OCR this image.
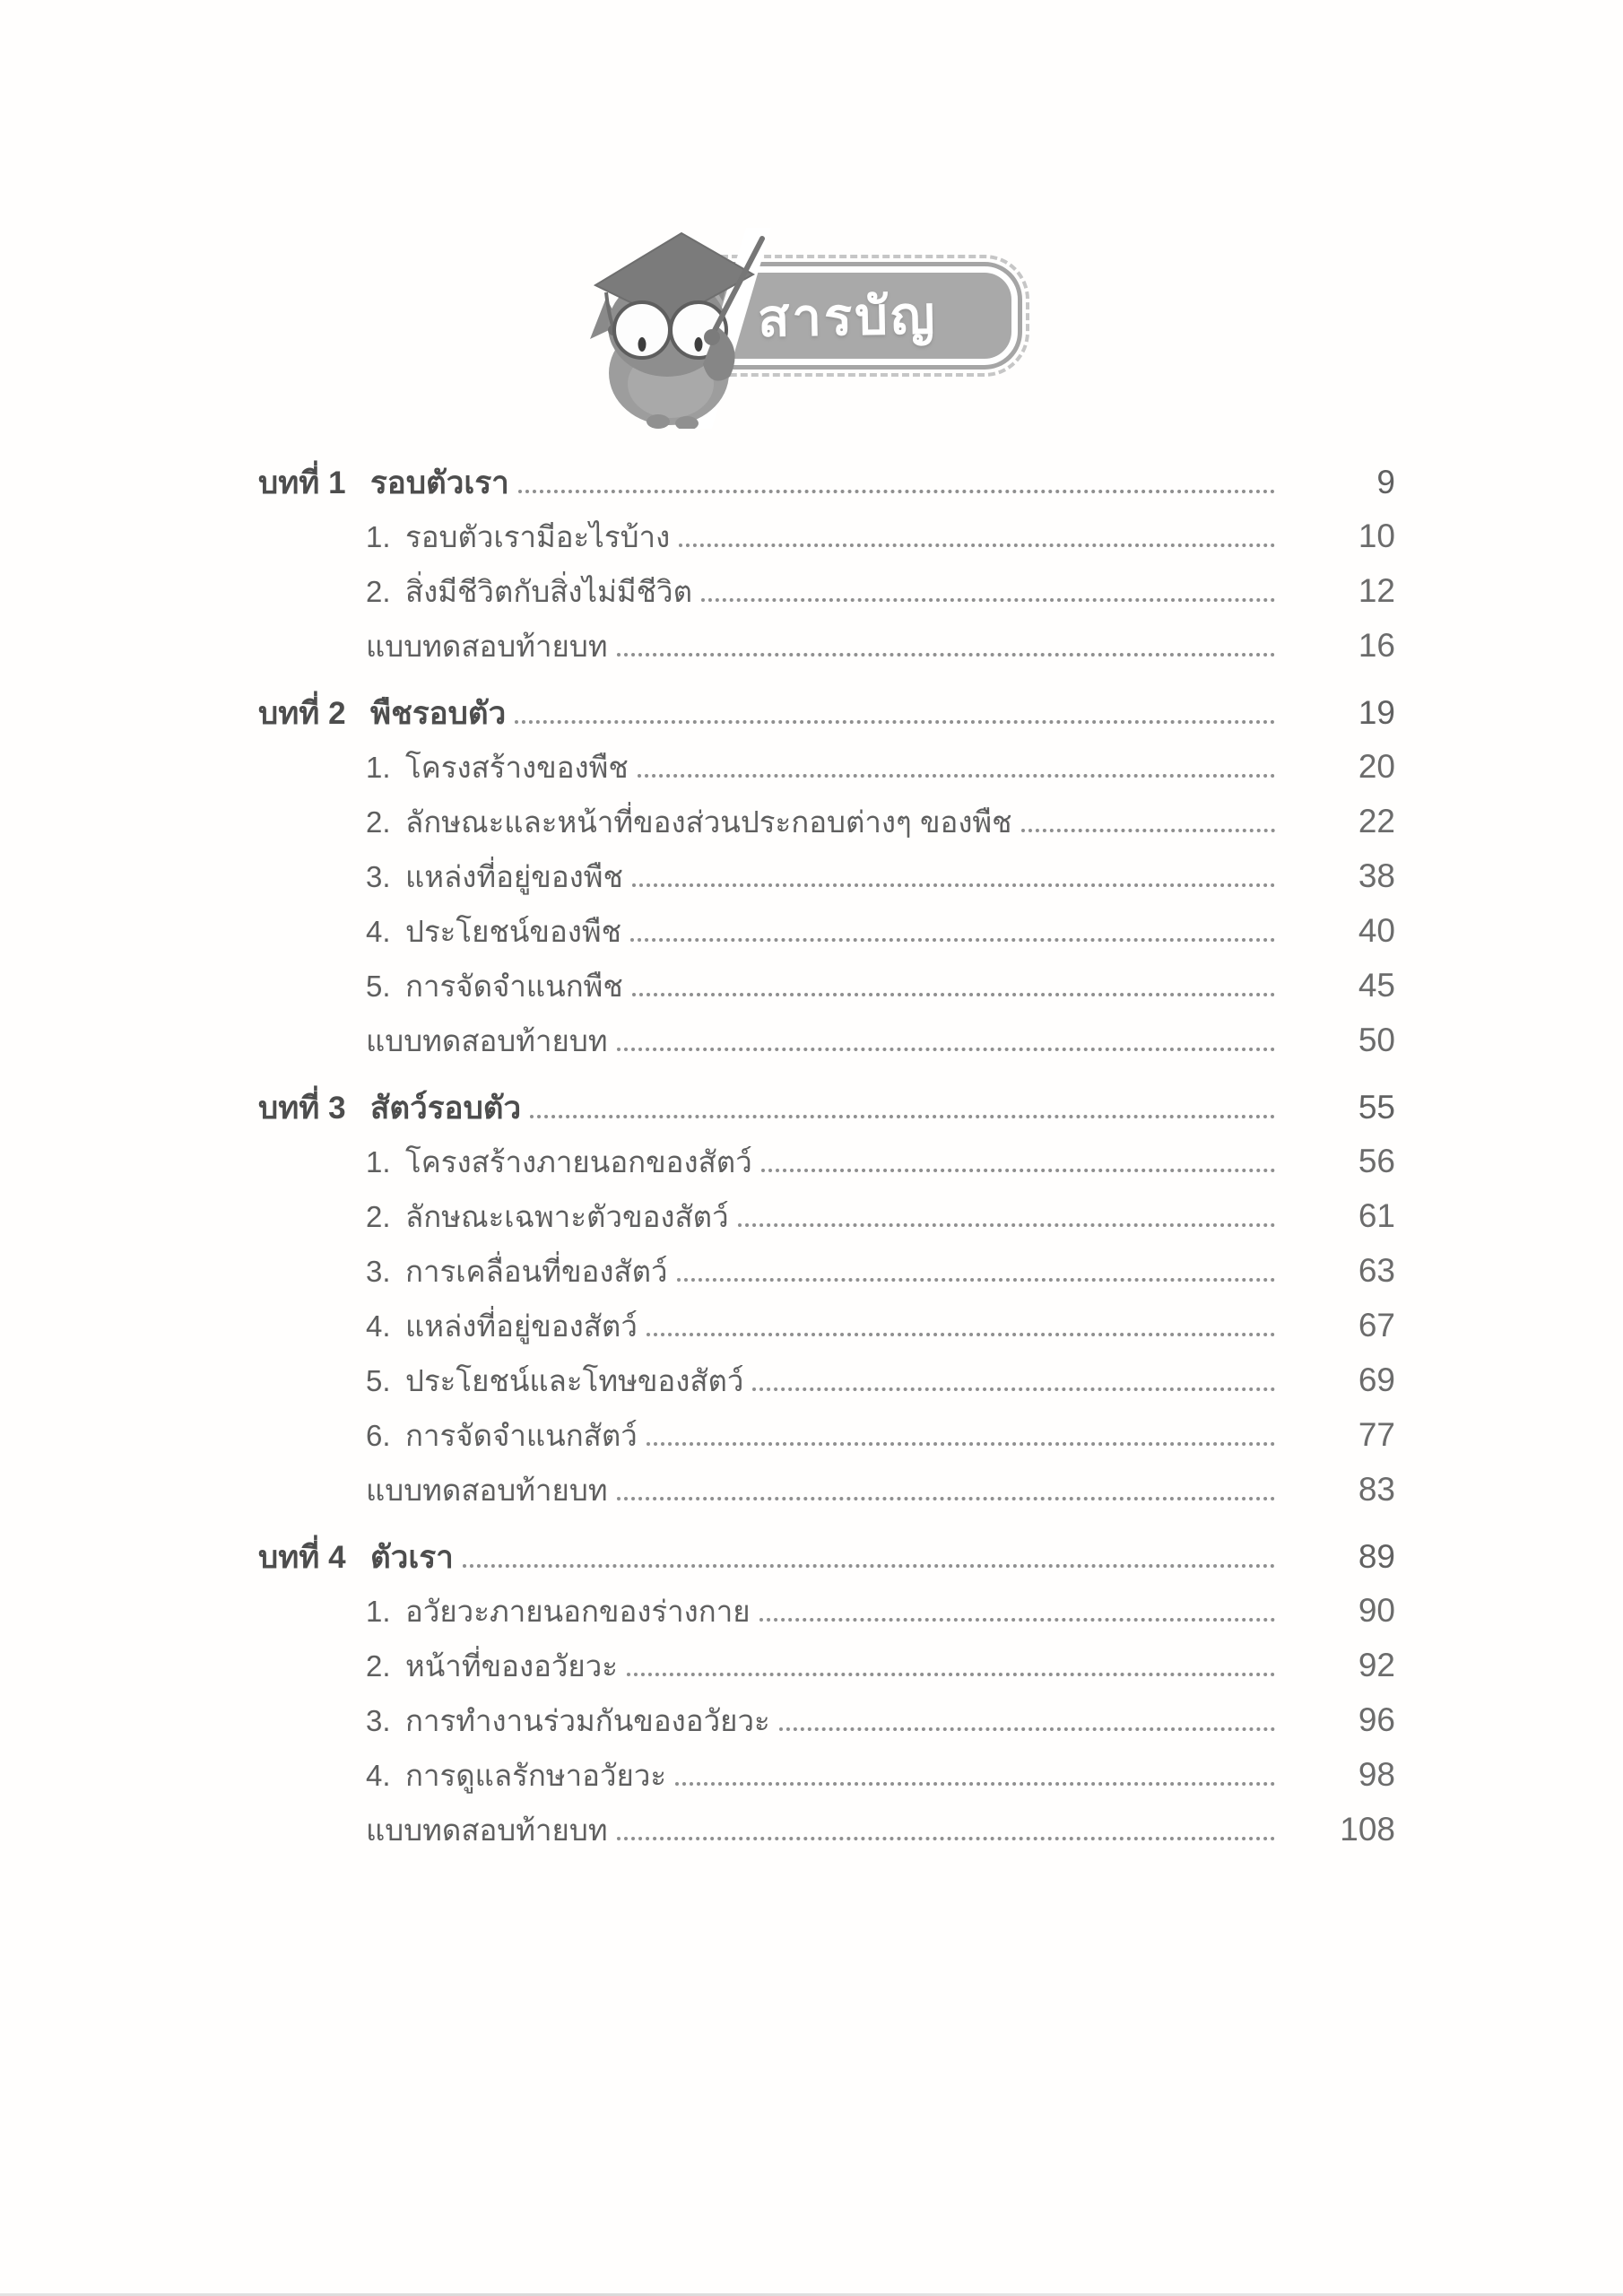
สารบัญ
บทที่ 1 รอบตัวเรา	9
1. รอบตัวเรามีอะไรบ้าง	10
2. สิ่งมีชีวิตกับสิ่งไม่มีชีวิต	12
แบบทดสอบท้ายบท	16
บทที่ 2 พืชรอบตัว	19
1. โครงสร้างของพืช	20
2. ลักษณะและหน้าที่ของส่วนประกอบต่างๆ ของพืช	22
3. แหล่งที่อยู่ของพืช	38
4. ประโยชน์ของพืช	40
5. การจัดจำแนกพืช	45
แบบทดสอบท้ายบท	50
บทที่ 3 สัตว์รอบตัว	55
1. โครงสร้างภายนอกของสัตว์	56
2. ลักษณะเฉพาะตัวของสัตว์	61
3. การเคลื่อนที่ของสัตว์	63
4. แหล่งที่อยู่ของสัตว์	67
5. ประโยชน์และโทษของสัตว์	69
6. การจัดจำแนกสัตว์	77
แบบทดสอบท้ายบท	83
บทที่ 4 ตัวเรา	89
1. อวัยวะภายนอกของร่างกาย	90
2. หน้าที่ของอวัยวะ	92
3. การทำงานร่วมกันของอวัยวะ	96
4. การดูแลรักษาอวัยวะ	98
แบบทดสอบท้ายบท	108
